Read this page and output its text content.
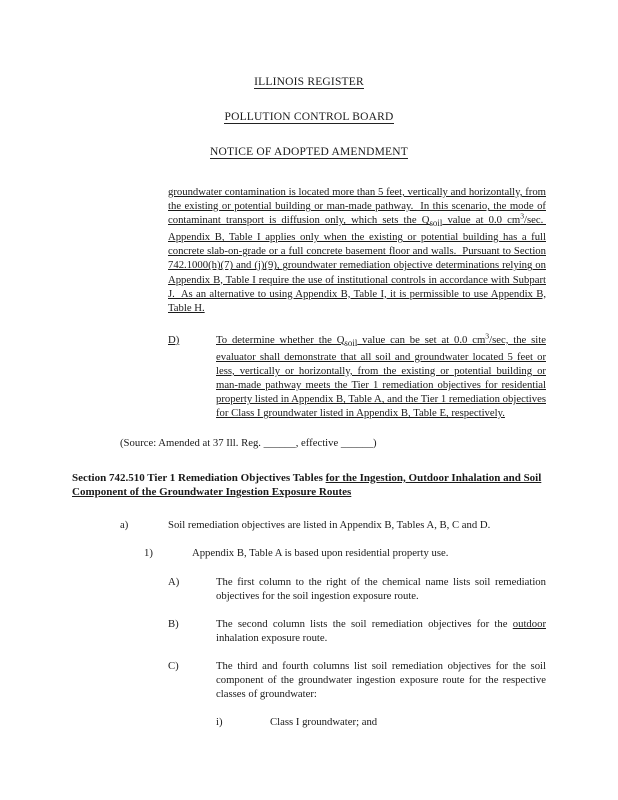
ILLINOIS REGISTER
POLLUTION CONTROL BOARD
NOTICE OF ADOPTED AMENDMENT
groundwater contamination is located more than 5 feet, vertically and horizontally, from the existing or potential building or man-made pathway.  In this scenario, the mode of contaminant transport is diffusion only, which sets the $Q_{soil}$ value at 0.0 $cm^3/\sec$.  Appendix B, Table I applies only when the existing or potential building has a full concrete slab-on-grade or a full concrete basement floor and walls.  Pursuant to Section 742.1000(h)(7) and (j)(9), groundwater remediation objective determinations relying on Appendix B, Table I require the use of institutional controls in accordance with Subpart J.  As an alternative to using Appendix B, Table I, it is permissible to use Appendix B, Table H.
D)	To determine whether the $Q_{soil}$ value can be set at 0.0 $cm^3/\sec$, the site evaluator shall demonstrate that all soil and groundwater located 5 feet or less, vertically or horizontally, from the existing or potential building or man-made pathway meets the Tier 1 remediation objectives for residential property listed in Appendix B, Table A, and the Tier 1 remediation objectives for Class I groundwater listed in Appendix B, Table E, respectively.
(Source: Amended at 37 Ill. Reg. ______, effective ______)
Section 742.510 Tier 1 Remediation Objectives Tables for the Ingestion, Outdoor Inhalation and Soil Component of the Groundwater Ingestion Exposure Routes
a)	Soil remediation objectives are listed in Appendix B, Tables A, B, C and D.
1)	Appendix B, Table A is based upon residential property use.
A)	The first column to the right of the chemical name lists soil remediation objectives for the soil ingestion exposure route.
B)	The second column lists the soil remediation objectives for the outdoor inhalation exposure route.
C)	The third and fourth columns list soil remediation objectives for the soil component of the groundwater ingestion exposure route for the respective classes of groundwater:
i)	Class I groundwater; and
